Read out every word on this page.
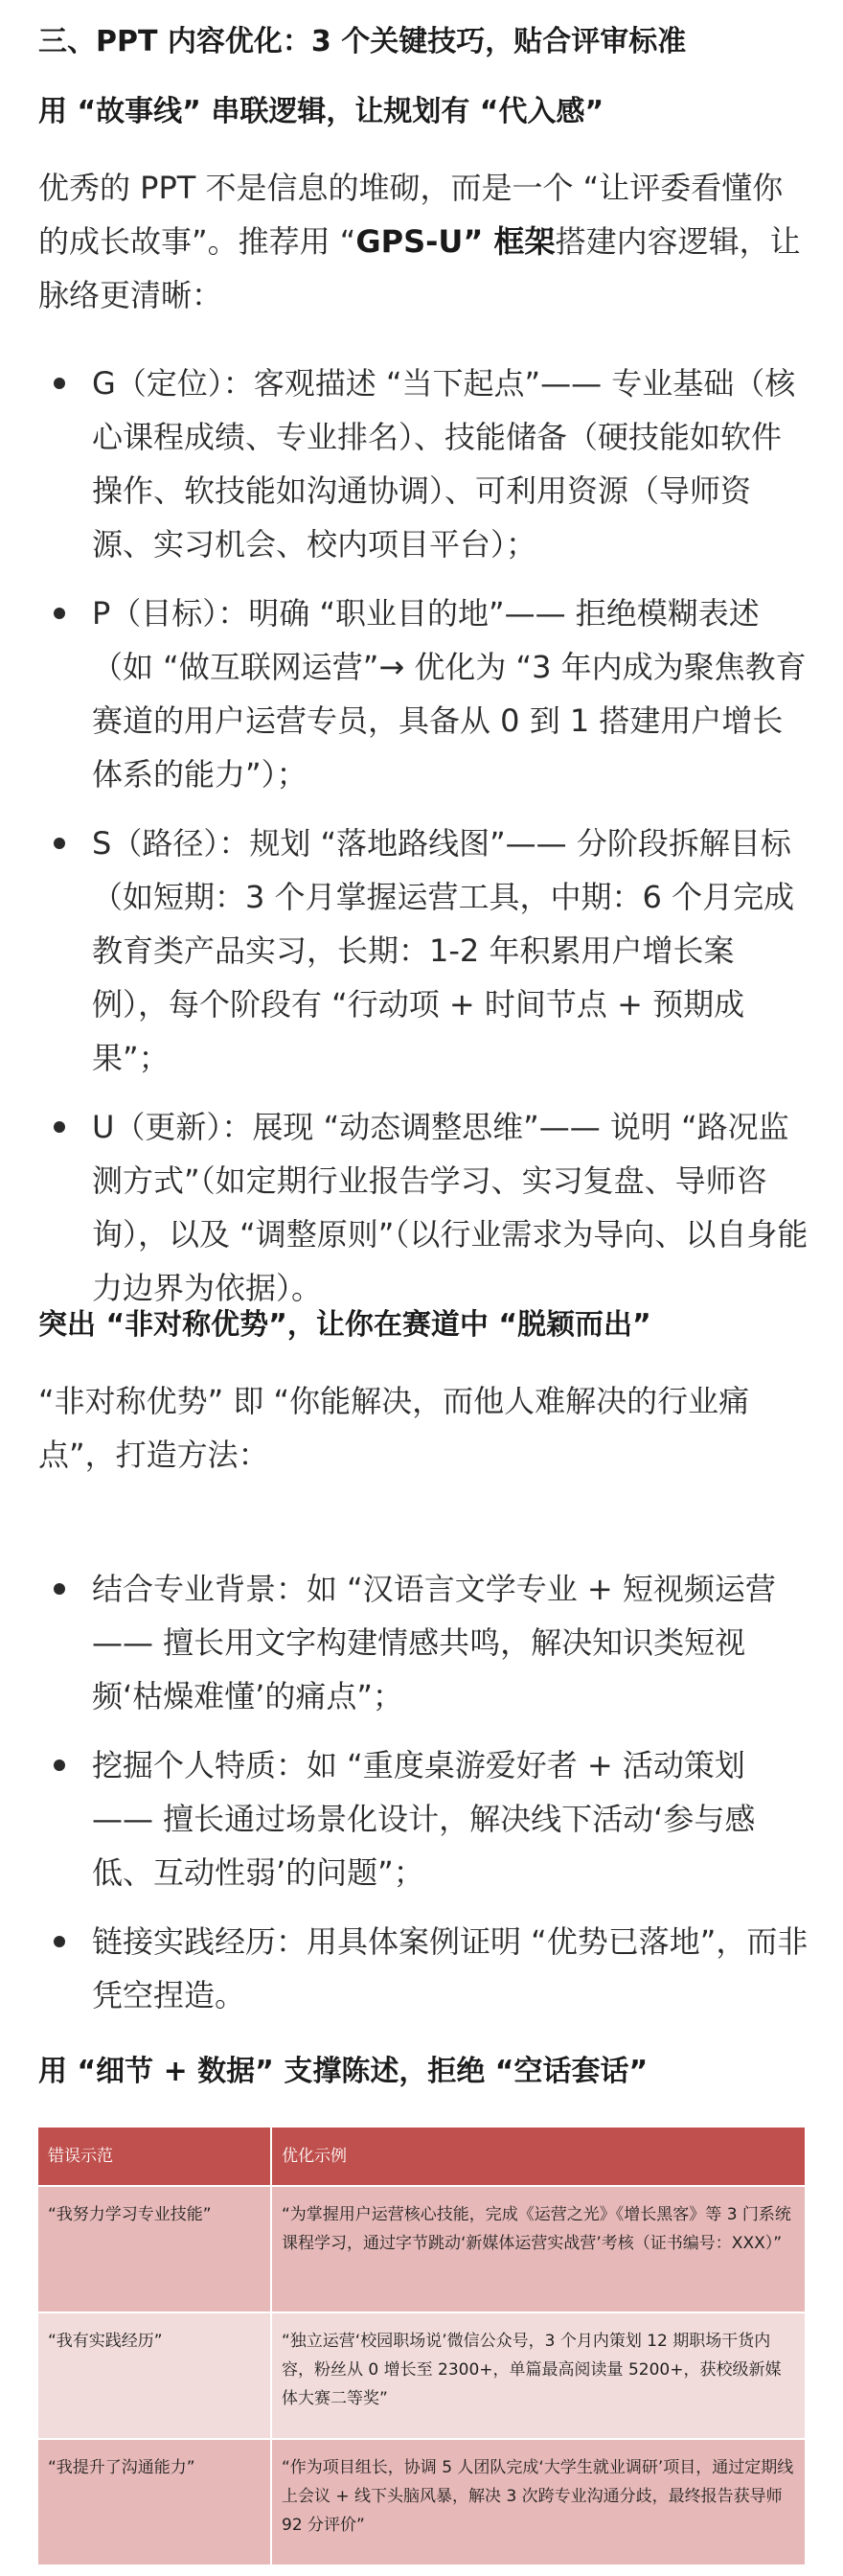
三、PPT 内容优化：3 个关键技巧，贴合评审标准
用 “故事线” 串联逻辑，让规划有 “代入感”

优秀的 PPT 不是信息的堆砌，而是一个 “让评委看懂你的成长故事”。推荐用 “GPS-U” 框架搭建内容逻辑，让脉络更清晰：

G（定位）：客观描述 “当下起点”—— 专业基础（核心课程成绩、专业排名）、技能储备（硬技能如软件操作、软技能如沟通协调）、可利用资源（导师资源、实习机会、校内项目平台）；
P（目标）：明确 “职业目的地”—— 拒绝模糊表述（如 “做互联网运营”→ 优化为 “3 年内成为聚焦教育赛道的用户运营专员，具备从 0 到 1 搭建用户增长体系的能力”）；
S（路径）：规划 “落地路线图”—— 分阶段拆解目标（如短期：3 个月掌握运营工具，中期：6 个月完成教育类产品实习，长期：1-2 年积累用户增长案例），每个阶段有 “行动项 + 时间节点 + 预期成果”；
U（更新）：展现 “动态调整思维”—— 说明 “路况监测方式”（如定期行业报告学习、实习复盘、导师咨询），以及 “调整原则”（以行业需求为导向、以自身能力边界为依据）。
突出 “非对称优势”，让你在赛道中 “脱颖而出”

“非对称优势” 即 “你能解决，而他人难解决的行业痛点”，打造方法：

结合专业背景：如 “汉语言文学专业 + 短视频运营 —— 擅长用文字构建情感共鸣，解决知识类短视频‘枯燥难懂’的痛点”；
挖掘个人特质：如 “重度桌游爱好者 + 活动策划 —— 擅长通过场景化设计，解决线下活动‘参与感低、互动性弱’的问题”；
链接实践经历：用具体案例证明 “优势已落地”，而非凭空捏造。
用 “细节 + 数据” 支撑陈述，拒绝 “空话套话”
错误示范	优化示例
“我努力学习专业技能”	“为掌握用户运营核心技能，完成《运营之光》《增长黑客》等 3 门系统课程学习，通过字节跳动‘新媒体运营实战营’考核（证书编号：XXX）”
“我有实践经历”	“独立运营‘校园职场说’微信公众号，3 个月内策划 12 期职场干货内容，粉丝从 0 增长至 2300+，单篇最高阅读量 5200+，获校级新媒体大赛二等奖”
“我提升了沟通能力”	“作为项目组长，协调 5 人团队完成‘大学生就业调研’项目，通过定期线上会议 + 线下头脑风暴，解决 3 次跨专业沟通分歧，最终报告获导师 92 分评价”
